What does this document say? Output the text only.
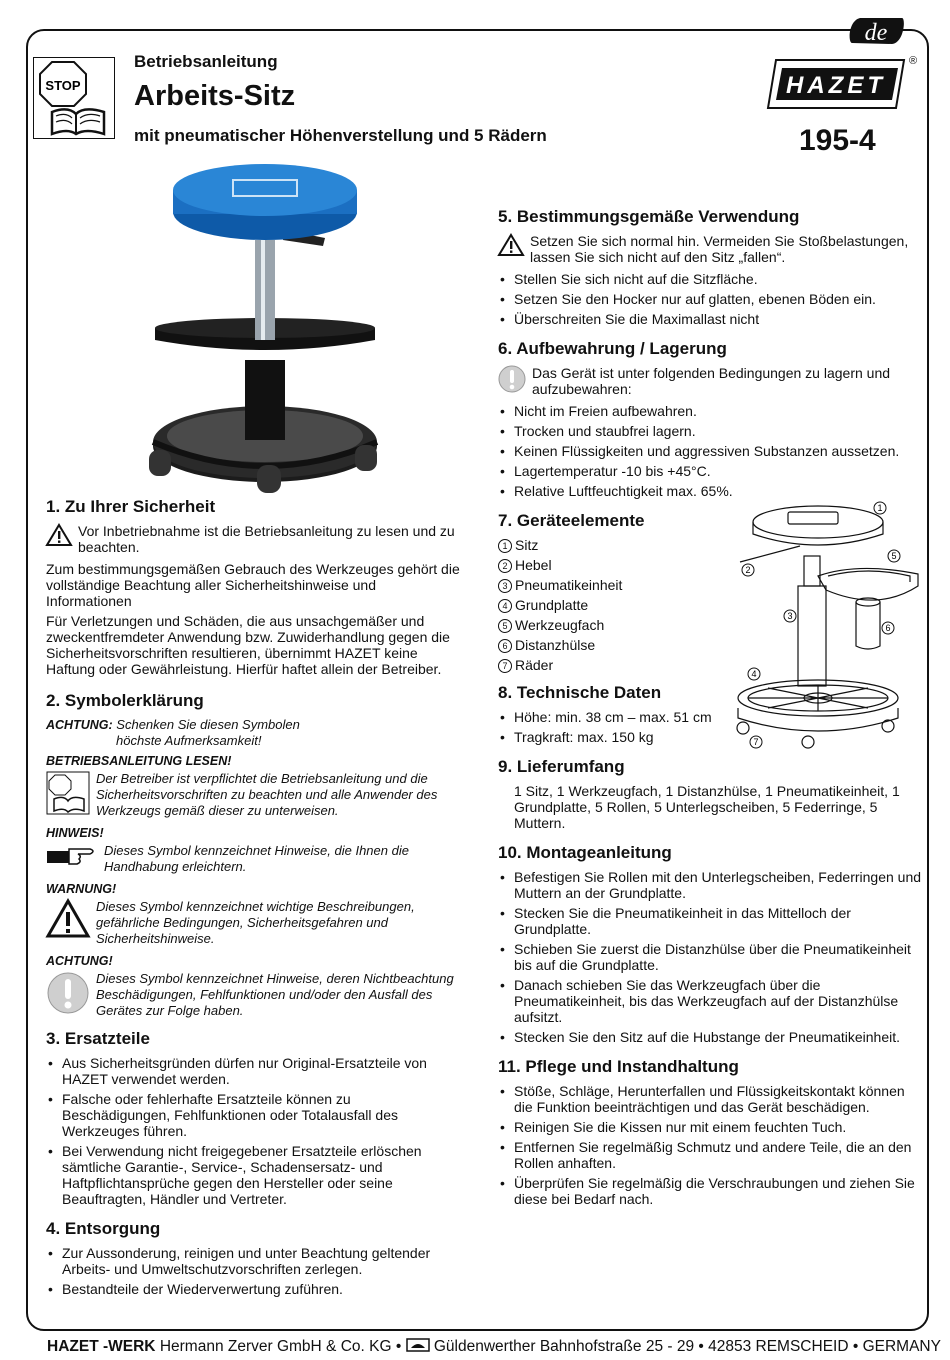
de
STOP
Betriebsanleitung
Arbeits-Sitz
mit pneumatischer Höhenverstellung und 5 Rädern
HAZET
®
195-4
1
2
3
4
5
6
7
1. Zu Ihrer Sicherheit
Vor Inbetriebnahme ist die Betriebsanleitung zu lesen und zu beachten.
Zum bestimmungsgemäßen Gebrauch des Werkzeuges gehört die vollständige Beachtung aller Sicherheitshinweise und Informationen
Für Verletzungen und Schäden, die aus unsachgemäßer und zweckentfremdeter Anwendung bzw. Zuwiderhandlung gegen die Sicherheitsvorschriften resultieren, übernimmt HAZET keine Haftung oder Gewährleistung. Hierfür haftet allein der Betreiber.
2. Symbolerklärung
ACHTUNG: Schenken Sie diesen Symbolen
höchste Aufmerksamkeit!
BETRIEBSANLEITUNG LESEN!
Der Betreiber ist verpflichtet die Betriebsanleitung und die Sicherheitsvorschriften zu beachten und alle Anwender des Werkzeugs gemäß dieser zu unterweisen.
HINWEIS!
Dieses Symbol kennzeichnet Hinweise, die Ihnen die Handhabung erleichtern.
WARNUNG!
Dieses Symbol kennzeichnet wichtige Beschreibungen, gefährliche Bedingungen, Sicherheitsgefahren und Sicherheitshinweise.
ACHTUNG!
Dieses Symbol kennzeichnet Hinweise, deren Nichtbeachtung Beschädigungen, Fehlfunktionen und/oder den Ausfall des Gerätes zur Folge haben.
3. Ersatzteile
• Aus Sicherheitsgründen dürfen nur Original-Ersatzteile von HAZET verwendet werden.
• Falsche oder fehlerhafte Ersatzteile können zu Beschädigungen, Fehlfunktionen oder Totalausfall des Werkzeuges führen.
• Bei Verwendung nicht freigegebener Ersatzteile erlöschen sämtliche Garantie-, Service-, Schadensersatz- und Haftpflichtansprüche gegen den Hersteller oder seine Beauftragten, Händler und Vertreter.
4. Entsorgung
• Zur Aussonderung, reinigen und unter Beachtung geltender Arbeits- und Umweltschutzvorschriften zerlegen.
• Bestandteile der Wiederverwertung zuführen.
5. Bestimmungsgemäße Verwendung
Setzen Sie sich normal hin. Vermeiden Sie Stoßbelastungen, lassen Sie sich nicht auf den Sitz „fallen“.
• Stellen Sie sich nicht auf die Sitzfläche.
• Setzen Sie den Hocker nur auf glatten, ebenen Böden ein.
• Überschreiten Sie die Maximallast nicht
6. Aufbewahrung / Lagerung
Das Gerät ist unter folgenden Bedingungen zu lagern und aufzubewahren:
• Nicht im Freien aufbewahren.
• Trocken und staubfrei lagern.
• Keinen Flüssigkeiten und aggressiven Substanzen aussetzen.
• Lagertemperatur -10 bis +45°C.
• Relative Luftfeuchtigkeit max. 65%.
7. Geräteelemente
1 Sitz
2 Hebel
3 Pneumatikeinheit
4 Grundplatte
5 Werkzeugfach
6 Distanzhülse
7 Räder
8. Technische Daten
• Höhe: min. 38 cm – max. 51 cm
• Tragkraft: max. 150 kg
9. Lieferumfang
1 Sitz, 1 Werkzeugfach, 1 Distanzhülse, 1 Pneumatikeinheit, 1 Grundplatte, 5 Rollen, 5 Unterlegscheiben, 5 Federringe, 5 Muttern.
10. Montageanleitung
• Befestigen Sie Rollen mit den Unterlegscheiben, Federringen und Muttern an der Grundplatte.
• Stecken Sie die Pneumatikeinheit in das Mittelloch der Grundplatte.
• Schieben Sie zuerst die Distanzhülse über die Pneumatikeinheit bis auf die Grundplatte.
• Danach schieben Sie das Werkzeugfach über die Pneumatikeinheit, bis das Werkzeugfach auf der Distanzhülse aufsitzt.
• Stecken Sie den Sitz auf die Hubstange der Pneumatikeinheit.
11. Pflege und Instandhaltung
• Stöße, Schläge, Herunterfallen und Flüssigkeitskontakt können die Funktion beeinträchtigen und das Gerät beschädigen.
• Reinigen Sie die Kissen nur mit einem feuchten Tuch.
• Entfernen Sie regelmäßig Schmutz und andere Teile, die an den Rollen anhaften.
• Überprüfen Sie regelmäßig die Verschraubungen und ziehen Sie diese bei Bedarf nach.
HAZET -WERK Hermann Zerver GmbH & Co. KG • Güldenwerther Bahnhofstraße 25 - 29 • 42853 REMSCHEID • GERMANY
